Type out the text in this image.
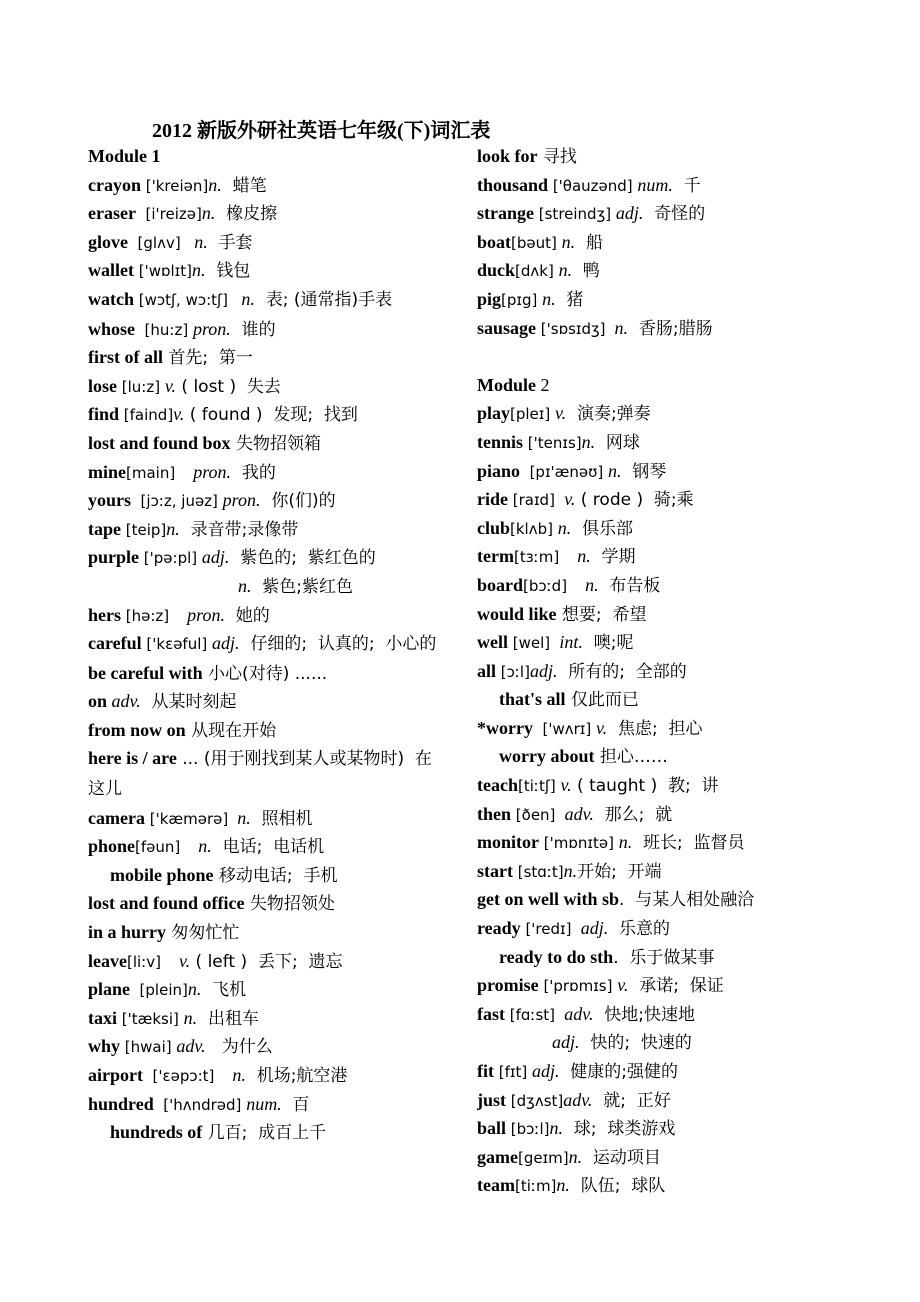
2012 新版外研社英语七年级(下)词汇表
Module 1
crayon ['kreiən]n.  蜡笔
eraser  [i'reizə]n.  橡皮擦
glove  [glʌv]   n.  手套
wallet ['wɒlɪt]n.  钱包
watch [wɔtʃ, wɔ:tʃ]   n.  表; (通常指)手表
whose  [hu:z] pron.  谁的
first of all 首先;  第一
lose [lu:z] v. ( lost )  失去
find [faind]v. ( found )  发现;  找到
lost and found box 失物招领箱
mine[main]    pron.  我的
yours  [jɔ:z, juəz] pron.  你(们)的
tape [teip]n.  录音带;录像带
purple ['pə:pl] adj.  紫色的;  紫红色的
n.  紫色;紫红色
hers [hə:z]    pron.  她的
careful ['kɛəful] adj.  仔细的;  认真的;  小心的
be careful with 小心(对待) ......
on adv.  从某时刻起
from now on 从现在开始
here is / are ... (用于刚找到某人或某物时)  在这儿
camera ['kæmərə]  n.  照相机
phone[fəun]    n.  电话;  电话机
mobile phone 移动电话;  手机
lost and found office 失物招领处
in a hurry 匆匆忙忙
leave[li:v]    v. ( left )  丢下;  遗忘
plane  [plein]n.  飞机
taxi ['tæksi] n.  出租车
why [hwai] adv.   为什么
airport  ['ɛəpɔ:t]    n.  机场;航空港
hundred  ['hʌndrəd] num.  百
hundreds of 几百;  成百上千
look for 寻找
thousand ['θauzənd] num.  千
strange [streindʒ] adj.  奇怪的
boat[bəut] n.  船
duck[dʌk] n.  鸭
pig[pɪg] n.  猪
sausage ['sɒsɪdʒ]  n.  香肠;腊肠
Module 2
play[pleɪ] v.  演奏;弹奏
tennis ['tenɪs]n.  网球
piano  [pɪ'ænəʊ] n.  钢琴
ride [raɪd]  v. ( rode )  骑;乘
club[klʌb] n.  俱乐部
term[tɜːm]    n.  学期
board[bɔːd]    n.  布告板
would like 想要;  希望
well [wel]  int.  噢;呢
all [ɔːl]adj.  所有的;  全部的
that's all 仅此而已
*worry  ['wʌrɪ] v.  焦虑;  担心
worry about 担心……
teach[tiːtʃ] v. ( taught )  教;  讲
then [ðen]  adv.  那么;  就
monitor ['mɒnɪtə] n.  班长;  监督员
start [stɑːt]n.开始;  开端
get on well with sb.  与某人相处融洽
ready ['redɪ]  adj.  乐意的
ready to do sth.  乐于做某事
promise ['prɒmɪs] v.  承诺;  保证
fast [fɑːst]  adv.  快地;快速地
adj.  快的;  快速的
fit [fɪt] adj.  健康的;强健的
just [dʒʌst]adv.  就;  正好
ball [bɔːl]n.  球;  球类游戏
game[geɪm]n.  运动项目
team[tiːm]n.  队伍;  球队
